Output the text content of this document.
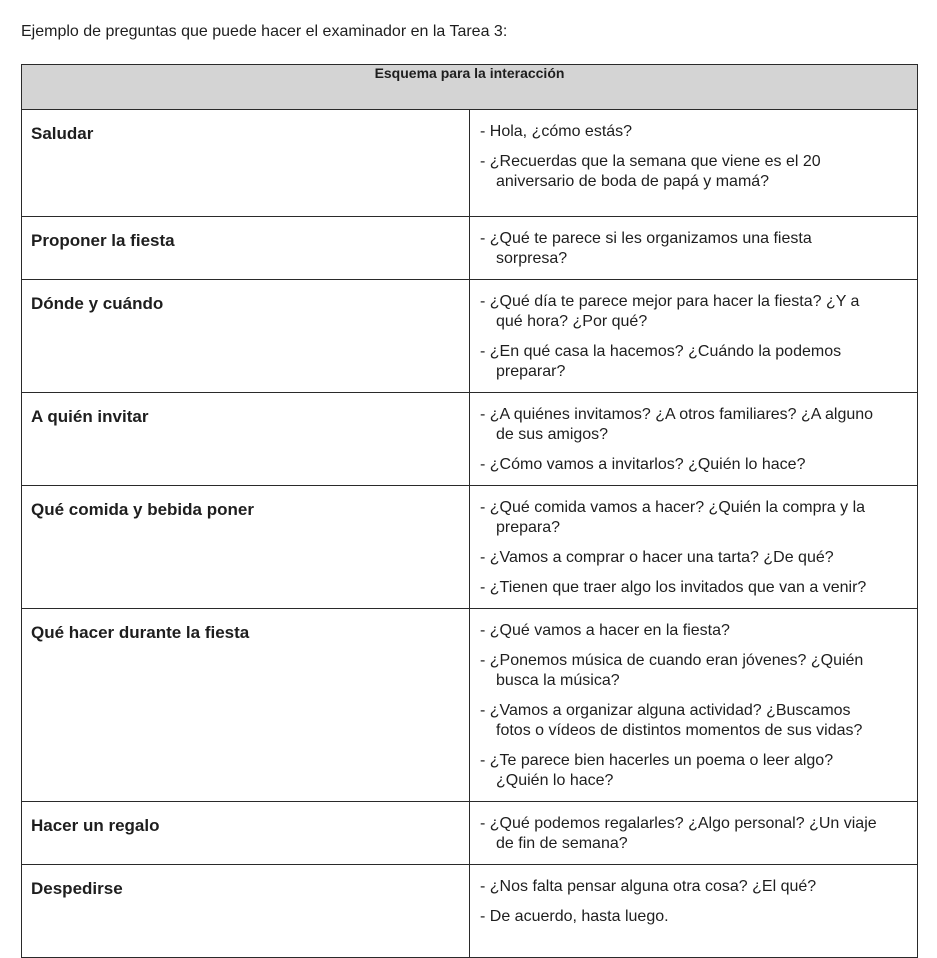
Ejemplo de preguntas que puede hacer el examinador en la Tarea 3:

Esquema para la interacción	
Saludar	- Hola, ¿cómo estás?
- ¿Recuerdas que la semana que viene es el 20 aniversario de boda de papá y mamá?

Proponer la fiesta	- ¿Qué te parece si les organizamos una fiesta sorpresa?

Dónde y cuándo	- ¿Qué día te parece mejor para hacer la fiesta? ¿Y a qué hora? ¿Por qué?
- ¿En qué casa la hacemos? ¿Cuándo la podemos preparar?

A quién invitar	- ¿A quiénes invitamos? ¿A otros familiares? ¿A alguno de sus amigos?
- ¿Cómo vamos a invitarlos? ¿Quién lo hace?

Qué comida y bebida poner	- ¿Qué comida vamos a hacer? ¿Quién la compra y la prepara?
- ¿Vamos a comprar o hacer una tarta? ¿De qué?
- ¿Tienen que traer algo los invitados que van a venir?

Qué hacer durante la fiesta	- ¿Qué vamos a hacer en la fiesta?
- ¿Ponemos música de cuando eran jóvenes? ¿Quién busca la música?
- ¿Vamos a organizar alguna actividad? ¿Buscamos fotos o vídeos de distintos momentos de sus vidas?
- ¿Te parece bien hacerles un poema o leer algo? ¿Quién lo hace?

Hacer un regalo	- ¿Qué podemos regalarles? ¿Algo personal? ¿Un viaje de fin de semana?

Despedirse	- ¿Nos falta pensar alguna otra cosa? ¿El qué?
- De acuerdo, hasta luego.
